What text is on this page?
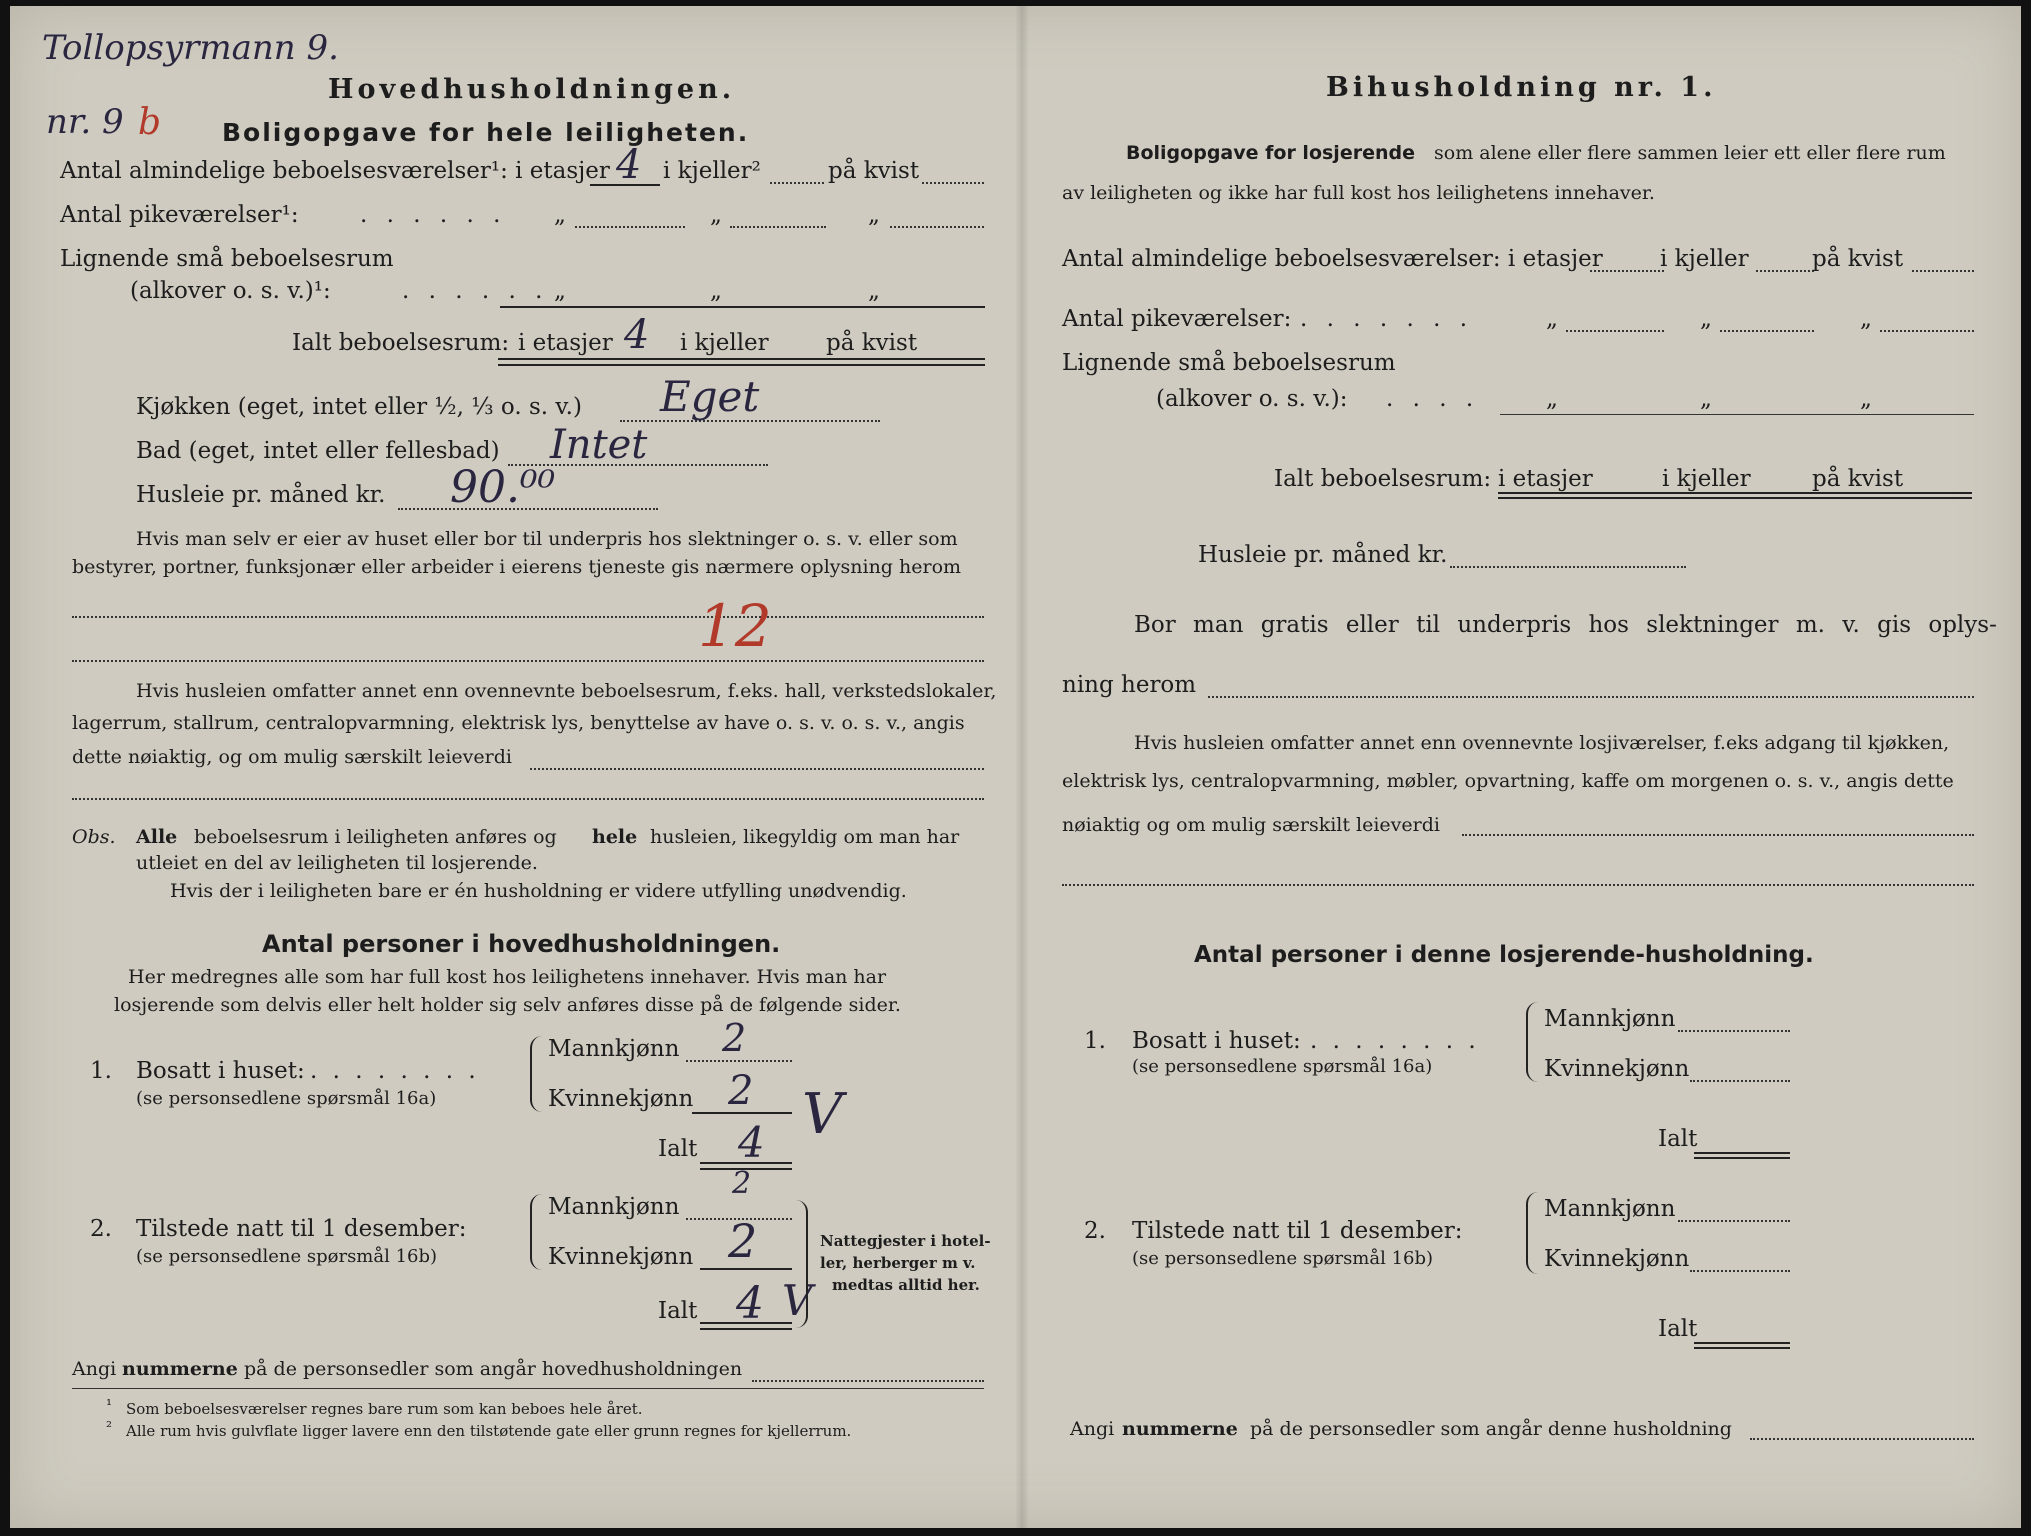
Tollopsyrmann 9.
nr. 9 b
Hovedhusholdningen.
Boligopgave for hele leiligheten.
Antal almindelige beboelsesværelser¹: i etasjer 4 i kjeller²	på kvist
Antal pikeværelser¹:	. . . . . . „	„	„
Lignende små beboelsesrum
(alkover o. s. v.)¹:	. . . . . . „	„	„
Ialt beboelsesrum: i etasjer 4 i kjeller på kvist
Kjøkken (eget, intet eller ½, ⅓ o. s. v.) Eget
Bad (eget, intet eller fellesbad) Intet
Husleie pr. måned kr. 90.⁰⁰
Hvis man selv er eier av huset eller bor til underpris hos slektninger o. s. v. eller som
bestyrer, portner, funksjonær eller arbeider i eierens tjeneste gis nærmere oplysning herom
12
Hvis husleien omfatter annet enn ovennevnte beboelsesrum, f.eks. hall, verkstedslokaler,
lagerrum, stallrum, centralopvarmning, elektrisk lys, benyttelse av have o. s. v. o. s. v., angis
dette nøiaktig, og om mulig særskilt leieverdi
Obs. Alle beboelsesrum i leiligheten anføres og hele husleien, likegyldig om man har
utleiet en del av leiligheten til losjerende.
Hvis der i leiligheten bare er én husholdning er videre utfylling unødvendig.
Antal personer i hovedhusholdningen.
Her medregnes alle som har full kost hos leilighetens innehaver. Hvis man har
losjerende som delvis eller helt holder sig selv anføres disse på de følgende sider.
1. Bosatt i huset: . . . . . . . .
(se personsedlene spørsmål 16a)
Mannkjønn 2
Kvinnekjønn 2 V
Ialt 4
2. Tilstede natt til 1 desember:
(se personsedlene spørsmål 16b)
Mannkjønn
2
Kvinnekjønn 2
Ialt 4 V
Nattegjester i hotel-
ler, herberger m v.
medtas alltid her.
Angi nummerne på de personsedler som angår hovedhusholdningen
¹ Som beboelsesværelser regnes bare rum som kan beboes hele året.
² Alle rum hvis gulvflate ligger lavere enn den tilstøtende gate eller grunn regnes for kjellerrum.
Bihusholdning nr. 1.
Boligopgave for losjerende som alene eller flere sammen leier ett eller flere rum
av leiligheten og ikke har full kost hos leilighetens innehaver.
Antal almindelige beboelsesværelser: i etasjer i kjeller	på kvist
Antal pikeværelser: . . . . . . .	„	„	„
Lignende små beboelsesrum
(alkover o. s. v.): . . . .	„	„	„
Ialt beboelsesrum: i etasjer	i kjeller	på kvist
Husleie pr. måned kr.
Bor man gratis eller til underpris hos slektninger m. v. gis oplys-
ning herom
Hvis husleien omfatter annet enn ovennevnte losjiværelser, f.eks adgang til kjøkken,
elektrisk lys, centralopvarmning, møbler, opvartning, kaffe om morgenen o. s. v., angis dette
nøiaktig og om mulig særskilt leieverdi
Antal personer i denne losjerende-husholdning.
1. Bosatt i huset: . . . . . . . .
(se personsedlene spørsmål 16a)
Mannkjønn
Kvinnekjønn
Ialt
2. Tilstede natt til 1 desember:
(se personsedlene spørsmål 16b)
Mannkjønn
Kvinnekjønn
Ialt
Angi nummerne på de personsedler som angår denne husholdning
